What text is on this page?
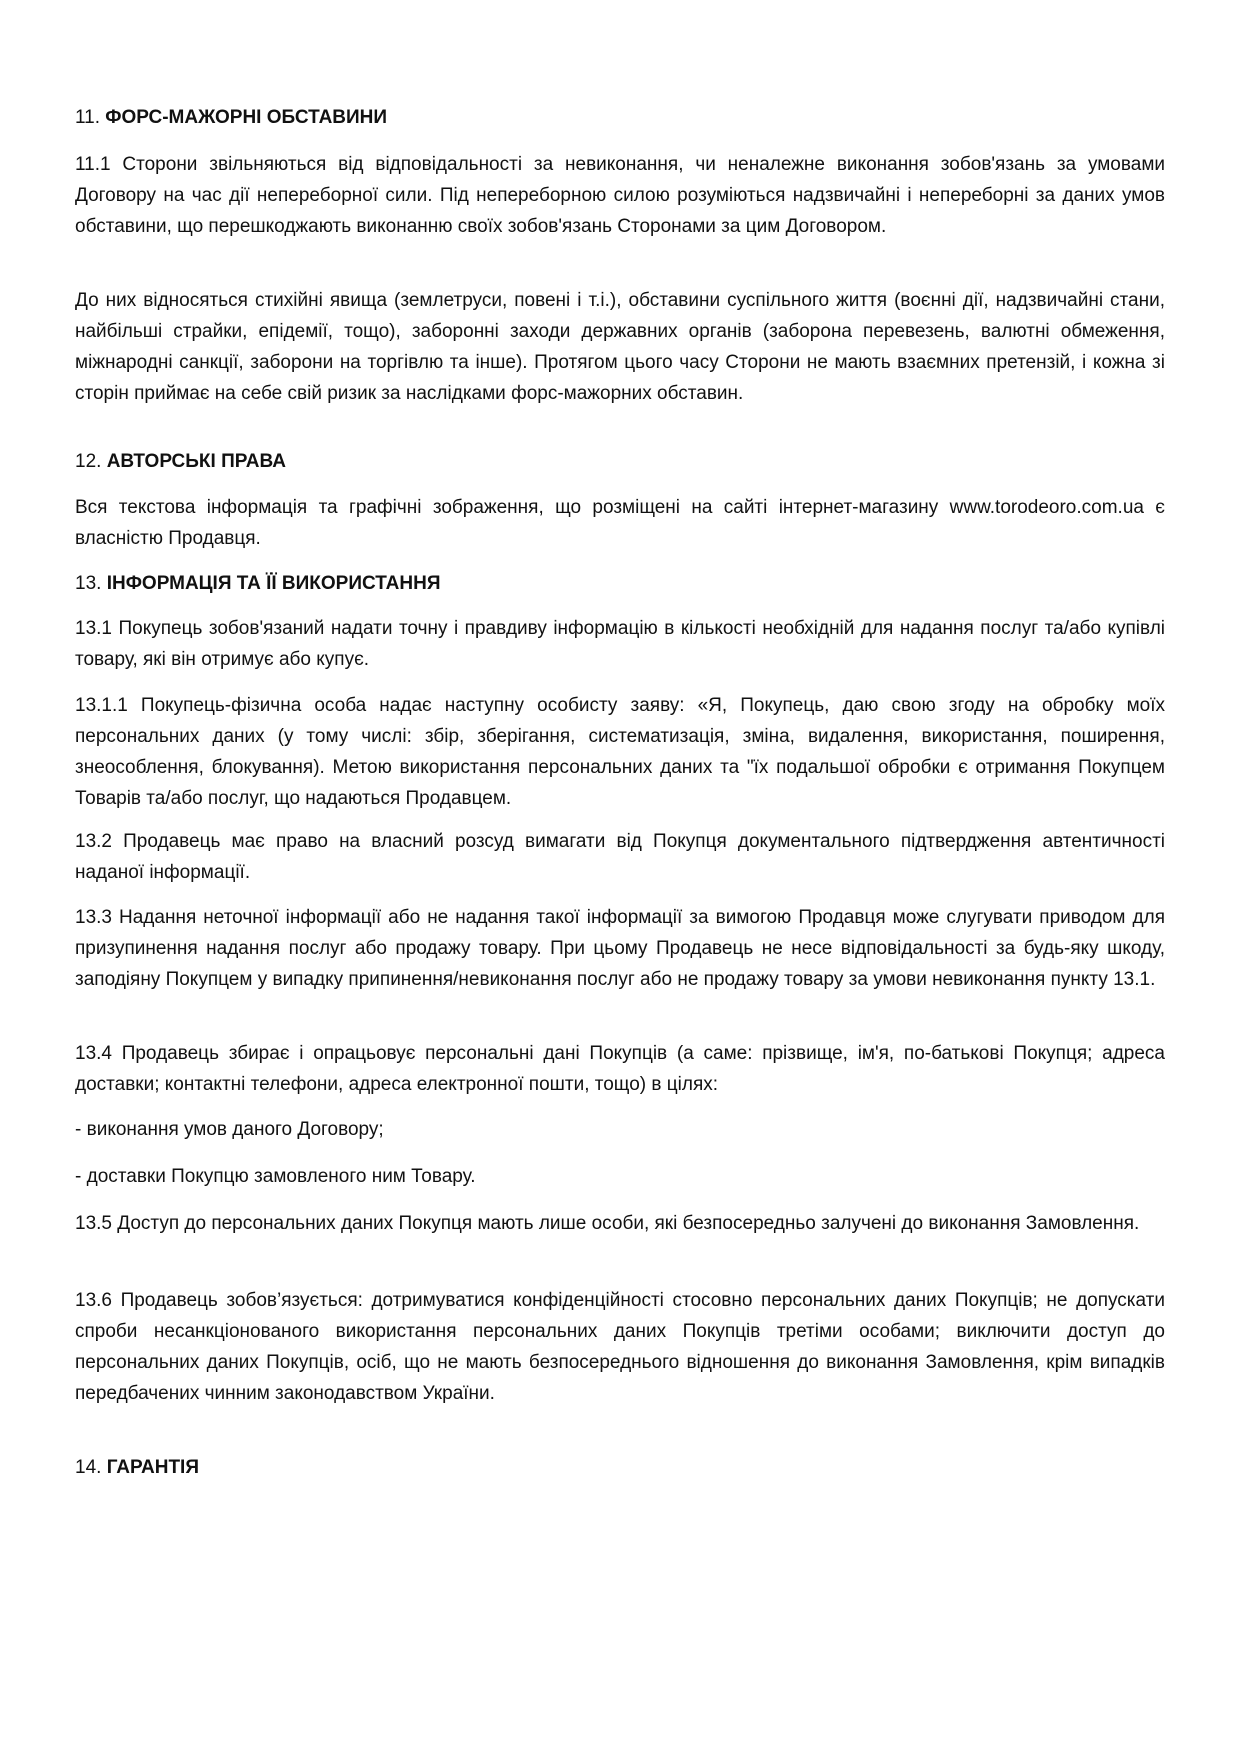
11. ФОРС-МАЖОРНІ ОБСТАВИНИ

11.1 Сторони звільняються від відповідальності за невиконання, чи неналежне виконання зобов'язань за умовами Договору на час дії непереборної сили. Під непереборною силою розуміються надзвичайні і непереборні за даних умов обставини, що перешкоджають виконанню своїх зобов'язань Сторонами за цим Договором.

До них відносяться стихійні явища (землетруси, повені і т.і.), обставини суспільного життя (воєнні дії, надзвичайні стани, найбільші страйки, епідемії, тощо), заборонні заходи державних органів (заборона перевезень, валютні обмеження, міжнародні санкції, заборони на торгівлю та інше). Протягом цього часу Сторони не мають взаємних претензій, і кожна зі сторін приймає на себе свій ризик за наслідками форс-мажорних обставин.

12. АВТОРСЬКІ ПРАВА

Вся текстова інформація та графічні зображення, що розміщені на сайті інтернет-магазину www.torodeoro.com.ua є власністю Продавця.

13. ІНФОРМАЦІЯ ТА ЇЇ ВИКОРИСТАННЯ

13.1 Покупець зобов'язаний надати точну і правдиву інформацію в кількості необхідній для надання послуг та/або купівлі товару, які він отримує або купує.

13.1.1 Покупець-фізична особа надає наступну особисту заяву: «Я, Покупець, даю свою згоду на обробку моїх персональних даних (у тому числі: збір, зберігання, систематизація, зміна, видалення, використання, поширення, знеособлення, блокування). Метою використання персональних даних та "їх подальшої обробки є отримання Покупцем Товарів та/або послуг, що надаються Продавцем.

13.2 Продавець має право на власний розсуд вимагати від Покупця документального підтвердження автентичності наданої інформації.

13.3 Надання неточної інформації або не надання такої інформації за вимогою Продавця може слугувати приводом для призупинення надання послуг або продажу товару. При цьому Продавець не несе відповідальності за будь-яку шкоду, заподіяну Покупцем у випадку припинення/невиконання послуг або не продажу товару за умови невиконання пункту 13.1.

13.4 Продавець збирає і опрацьовує персональні дані Покупців (а саме: прізвище, ім'я, по-батькові Покупця; адреса доставки; контактні телефони, адреса електронної пошти, тощо) в цілях:

- виконання умов даного Договору;

- доставки Покупцю замовленого ним Товару.

13.5 Доступ до персональних даних Покупця мають лише особи, які безпосередньо залучені до виконання Замовлення.

13.6 Продавець зобов’язується: дотримуватися конфіденційності стосовно персональних даних Покупців; не допускати спроби несанкціонованого використання персональних даних Покупців третіми особами; виключити доступ до персональних даних Покупців, осіб, що не мають безпосереднього відношення до виконання Замовлення, крім випадків передбачених чинним законодавством України.

14. ГАРАНТІЯ
